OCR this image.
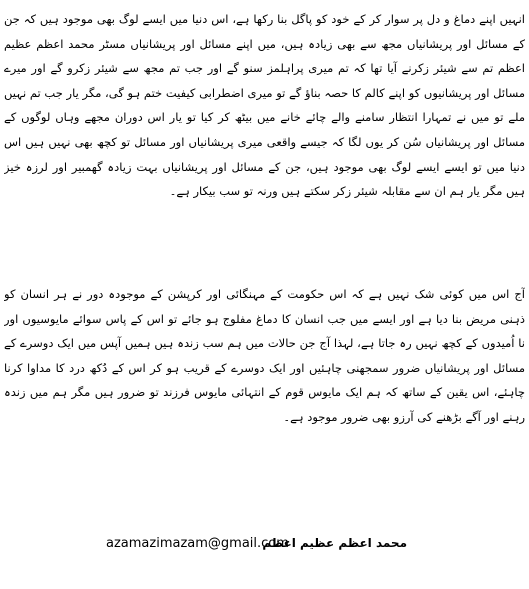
انہیں اپنے دماغ و دل پر سوار کر کے خود کو پاگل بنا رکھا ہے، اس دنیا میں ایسے لوگ بھی موجود ہیں کہ جن کے مسائل اور پریشانیاں مجھ سے بھی زیادہ ہیں، میں اپنے مسائل اور پریشانیاں مسٹر محمد اعظم عظیم اعظم تم سے شیئر زکرنے آیا تھا کہ تم میری پراہلمز سنو گے اور جب تم مجھ سے شیئر زکرو گے اور میرے مسائل اور پریشانیوں کو اپنے کالم کا حصہ بناؤ گے تو میری اضطرابی کیفیت ختم ہو گی، مگر یار جب تم نہیں ملے تو میں نے تمہارا انتظار سامنے والے چائے خانے میں بیٹھ کر کیا تو یار اس دوران مجھے وہاں لوگوں کے مسائل اور پریشانیاں سُن کر یوں لگا کہ جیسے واقعی میری پریشانیاں اور مسائل تو کچھ بھی نہیں ہیں اس دنیا میں تو ایسے ایسے لوگ بھی موجود ہیں، جن کے مسائل اور پریشانیاں بہت زیادہ گھمبیر اور لرزہ خیز ہیں مگر یار ہم ان سے مقابلہ شیئر زکر سکتے ہیں ورنہ تو سب بیکار ہے۔

آج اس میں کوئی شک نہیں ہے کہ اس حکومت کے مہنگائی اور کرپشن کے موجودہ دور نے ہر انسان کو ذہنی مریض بنا دیا ہے اور ایسے میں جب انسان کا دماغ مفلوج ہو جائے تو اس کے پاس سوائے مایوسیوں اور نا اُمیدوں کے کچھ نہیں رہ جاتا ہے، لہذا آج جن حالات میں ہم سب زندہ ہیں ہمیں آپس میں ایک دوسرے کے مسائل اور پریشانیاں ضرور سمجھنی چاہئیں اور ایک دوسرے کے قریب ہو کر اس کے دُکھ درد کا مداوا کرنا چاہئے، اس یقین کے ساتھ کہ ہم ایک مایوس قوم کے انتہائی مایوس فرزند تو ضرور ہیں مگر ہم میں زندہ رہنے اور آگے بڑھنے کی آرزو بھی ضرور موجود ہے۔

محمد اعظم عظیم اعظم
azamazimazam@gmail.com
